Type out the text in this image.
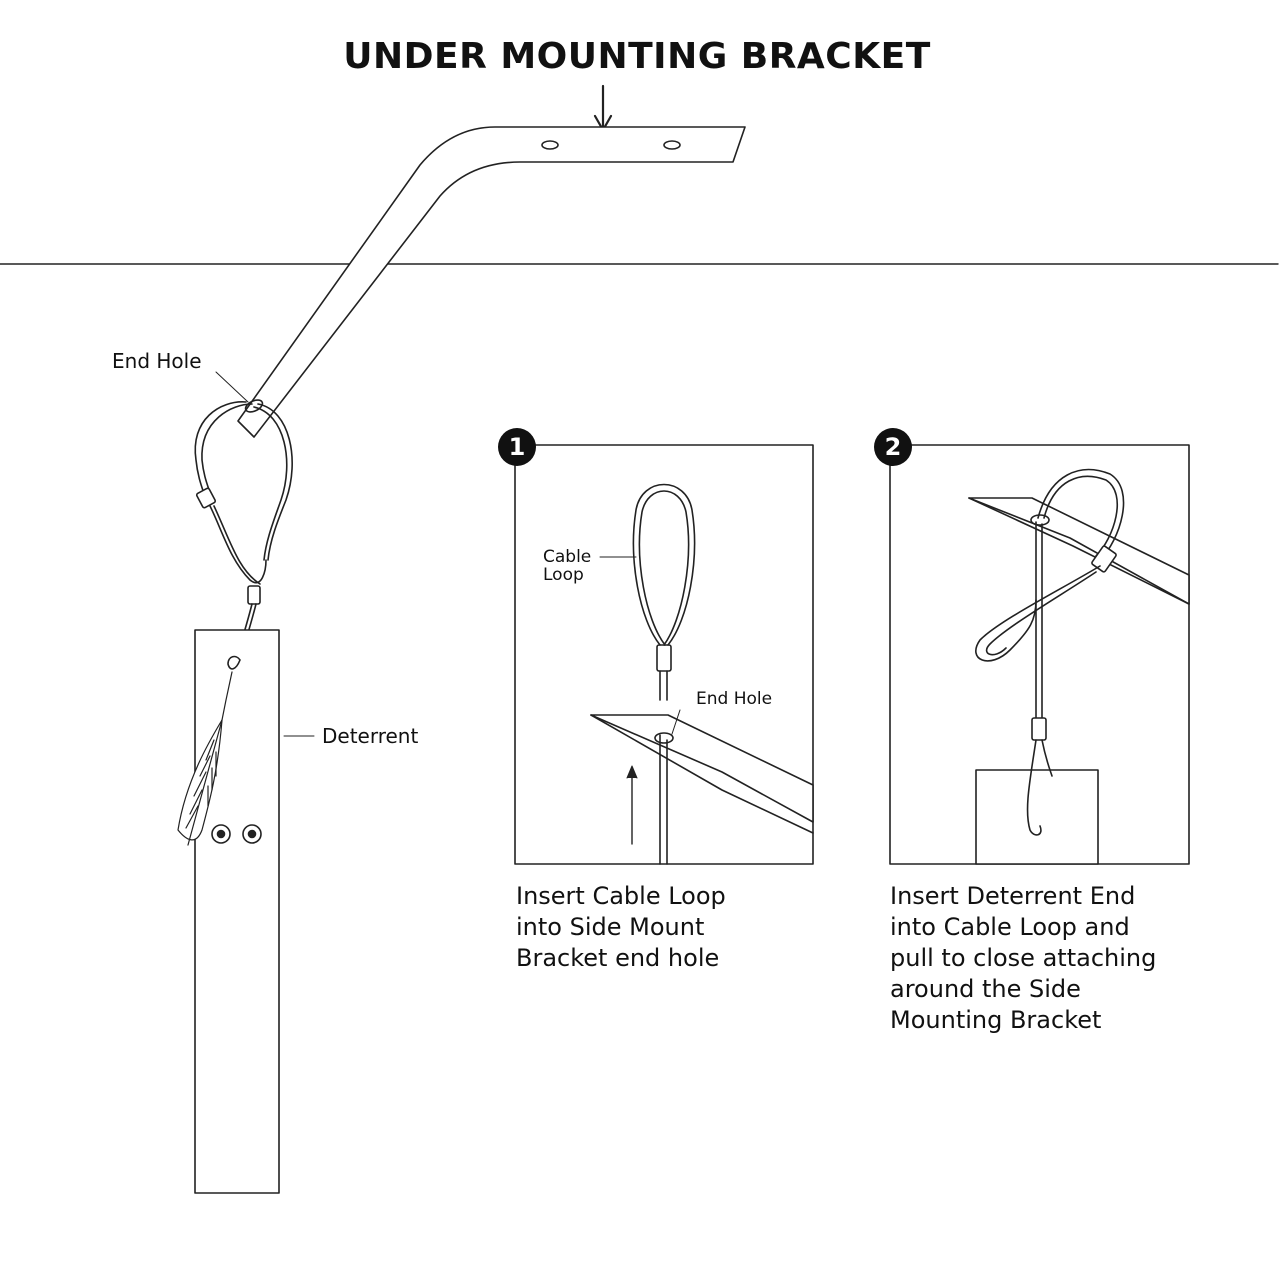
UNDER MOUNTING BRACKET
End Hole
Deterrent
1
Cable
Loop
End Hole
2
Insert Cable Loop
into Side Mount
Bracket end hole
Insert Deterrent End
into Cable Loop and
pull to close attaching
around the Side
Mounting Bracket
